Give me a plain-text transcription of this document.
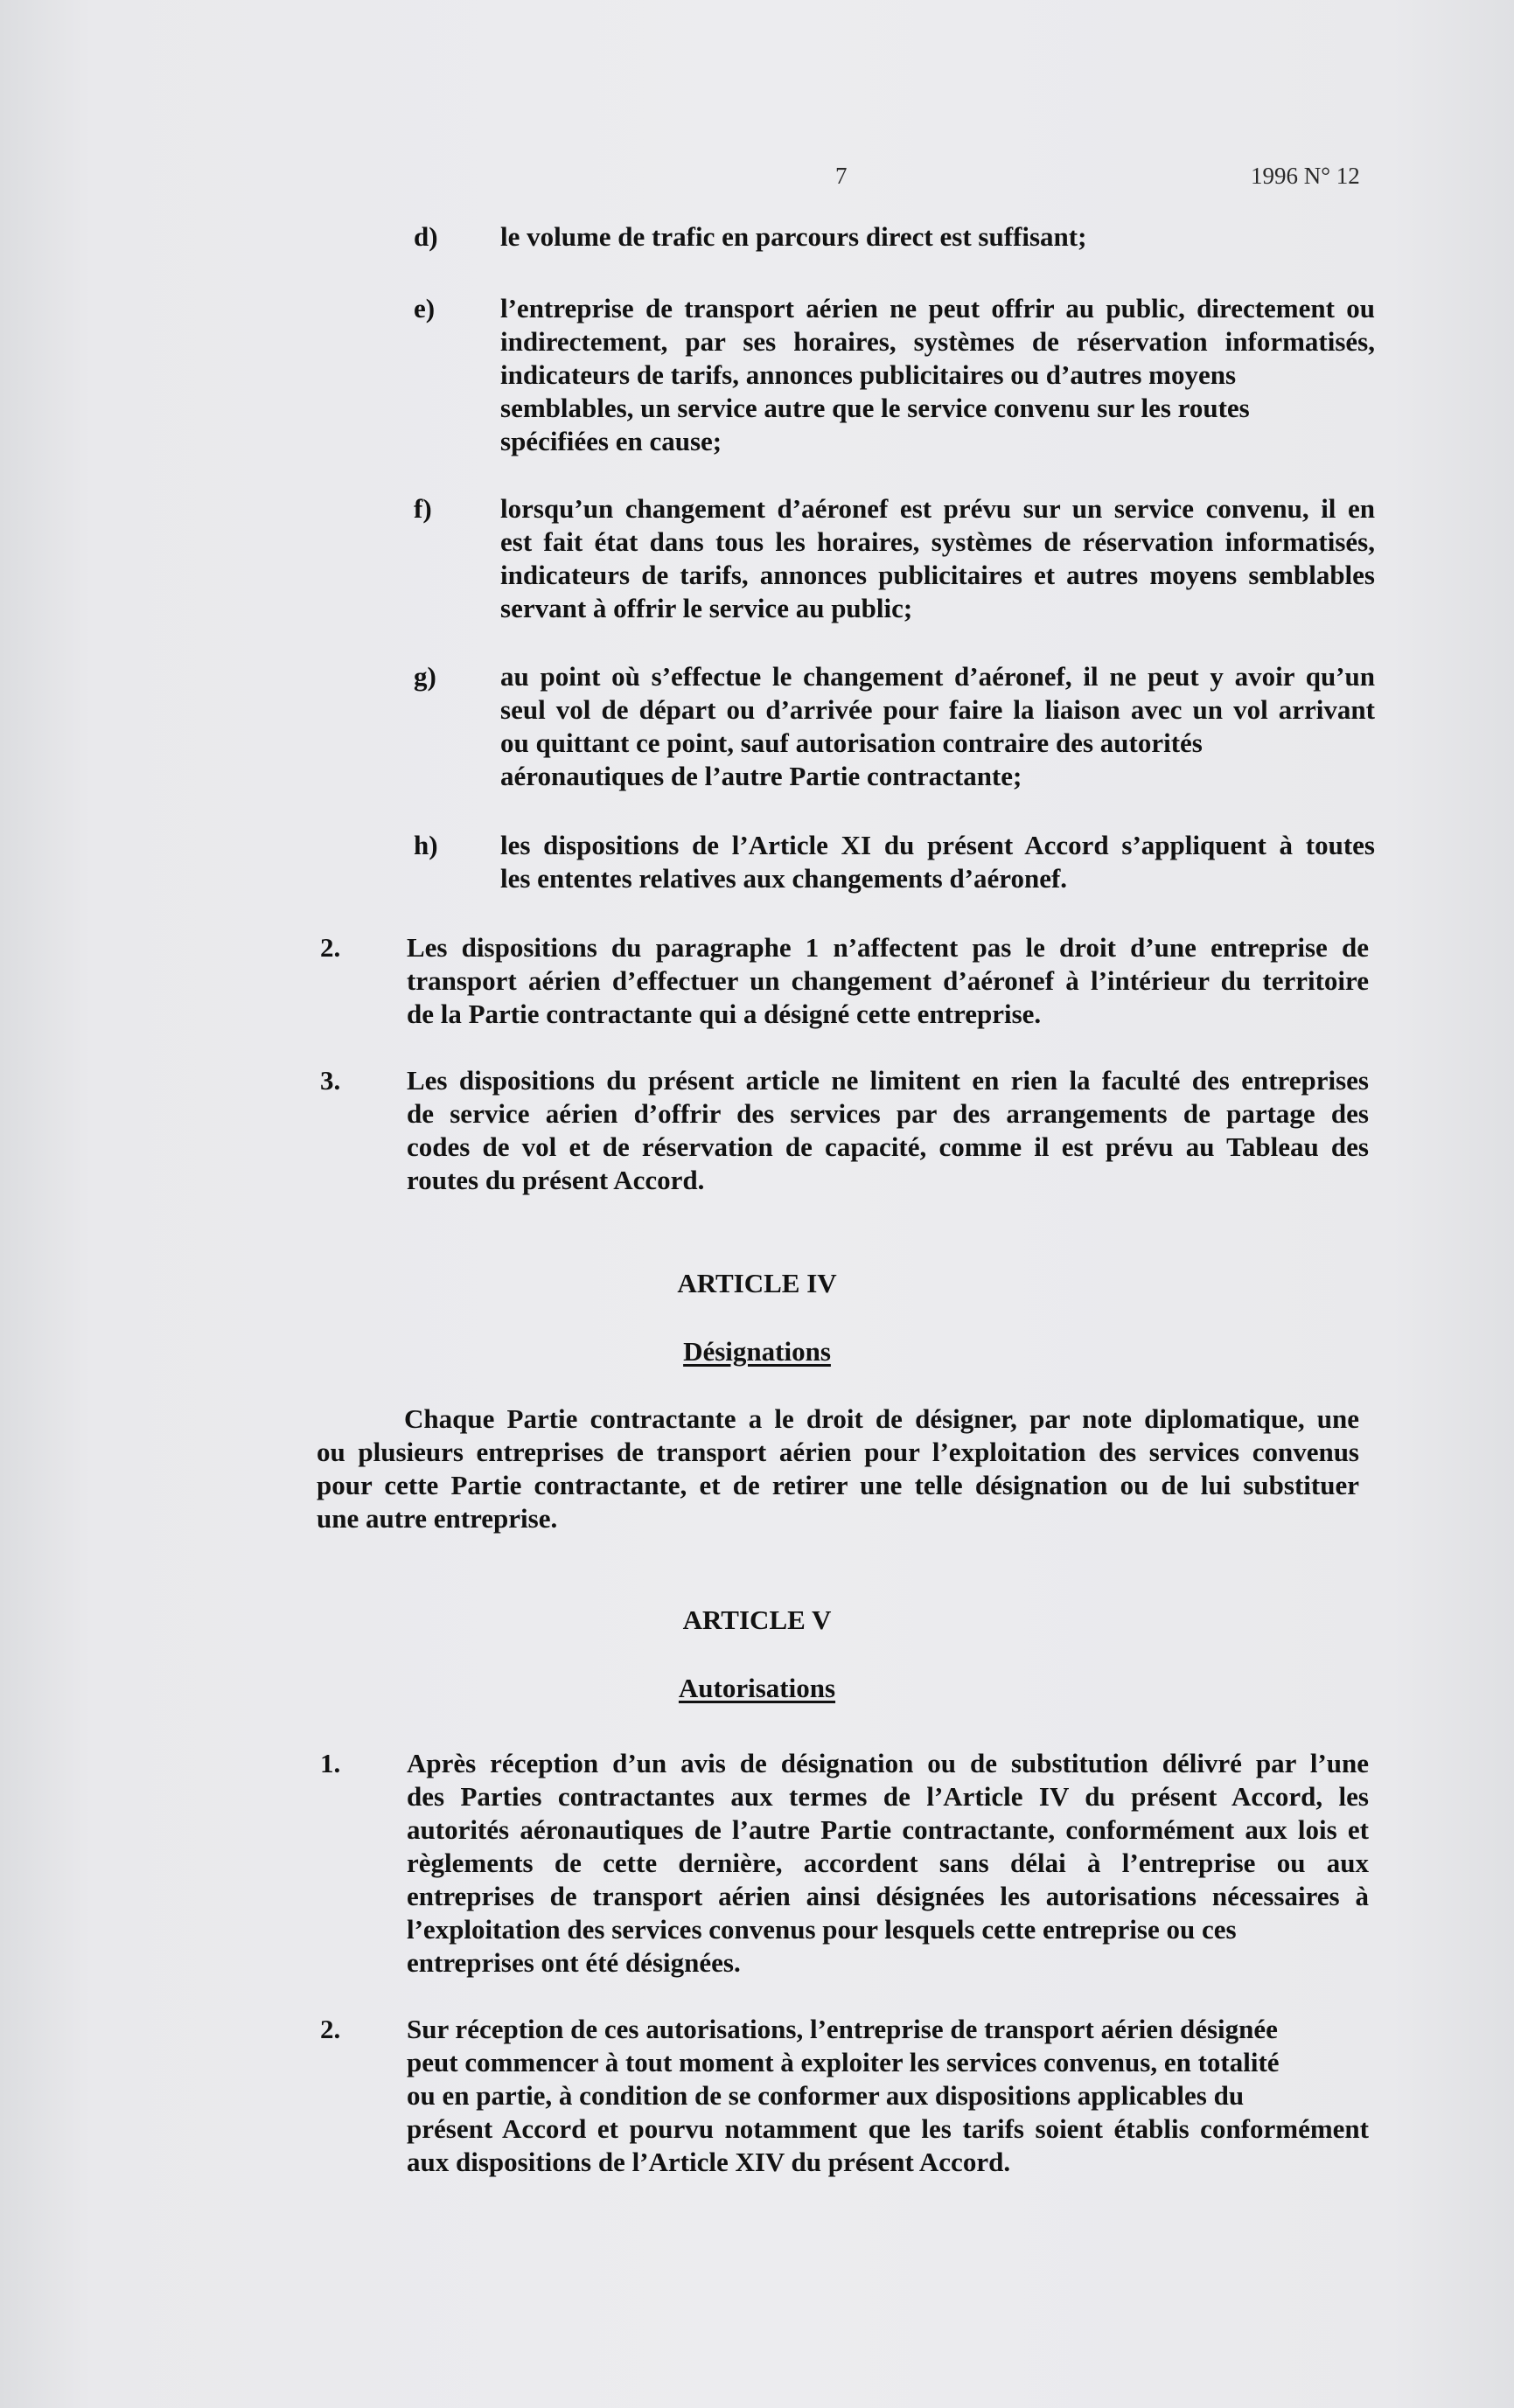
7	1996 N° 12
d) le volume de trafic en parcours direct est suffisant;
e) l’entreprise de transport aérien ne peut offrir au public, directement ou
indirectement, par ses horaires, systèmes de réservation informatisés,
indicateurs de tarifs, annonces publicitaires ou d’autres moyens
semblables, un service autre que le service convenu sur les routes
spécifiées en cause;
f)	lorsqu’un changement d’aéronef est prévu sur un service convenu, il en
est fait état dans tous les horaires, systèmes de réservation informatisés,
indicateurs de tarifs, annonces publicitaires et autres moyens semblables
servant à offrir le service au public;
g) au point où s’effectue le changement d’aéronef, il ne peut y avoir qu’un
seul vol de départ ou d’arrivée pour faire la liaison avec un vol arrivant
ou quittant ce point, sauf autorisation contraire des autorités
aéronautiques de l’autre Partie contractante;
h) les dispositions de l’Article XI du présent Accord s’appliquent à toutes
les ententes relatives aux changements d’aéronef.
2. Les dispositions du paragraphe 1 n’affectent pas le droit d’une entreprise de
transport aérien d’effectuer un changement d’aéronef à l’intérieur du territoire
de la Partie contractante qui a désigné cette entreprise.
3. Les dispositions du présent article ne limitent en rien la faculté des entreprises
de service aérien d’offrir des services par des arrangements de partage des
codes de vol et de réservation de capacité, comme il est prévu au Tableau des
routes du présent Accord.
ARTICLE IV
Désignations
Chaque Partie contractante a le droit de désigner, par note diplomatique, une
ou plusieurs entreprises de transport aérien pour l’exploitation des services convenus
pour cette Partie contractante, et de retirer une telle désignation ou de lui substituer
une autre entreprise.
ARTICLE V
Autorisations
1. Après réception d’un avis de désignation ou de substitution délivré par l’une
des Parties contractantes aux termes de l’Article IV du présent Accord, les
autorités aéronautiques de l’autre Partie contractante, conformément aux lois et
règlements de cette dernière, accordent sans délai à l’entreprise ou aux
entreprises de transport aérien ainsi désignées les autorisations nécessaires à
l’exploitation des services convenus pour lesquels cette entreprise ou ces
entreprises ont été désignées.
2. Sur réception de ces autorisations, l’entreprise de transport aérien désignée
peut commencer à tout moment à exploiter les services convenus, en totalité
ou en partie, à condition de se conformer aux dispositions applicables du
présent Accord et pourvu notamment que les tarifs soient établis conformément
aux dispositions de l’Article XIV du présent Accord.
